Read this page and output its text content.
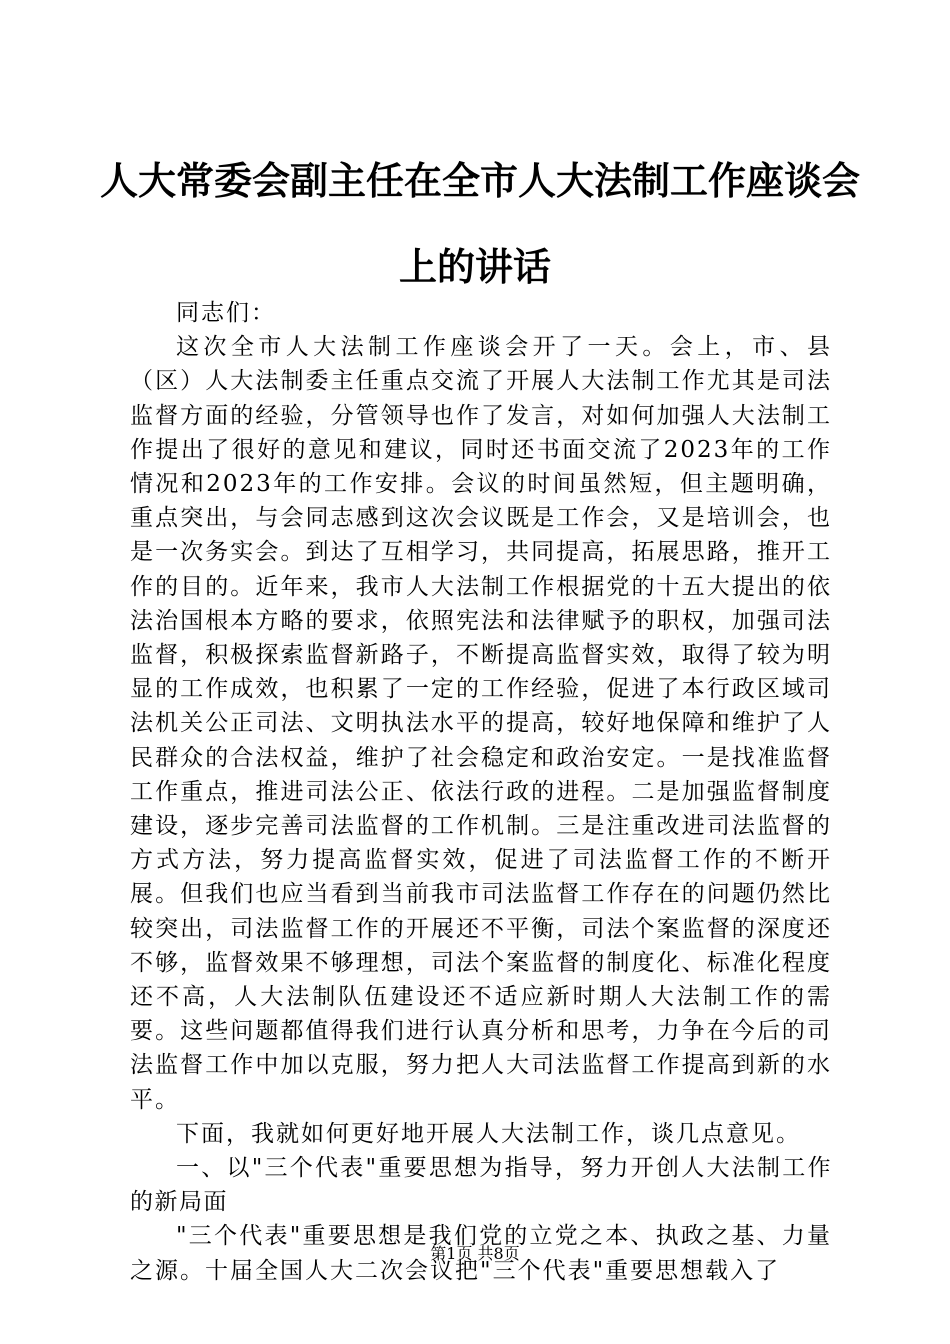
人大常委会副主任在全市人大法制工作座谈会
上的讲话

同志们：

这次全市人大法制工作座谈会开了一天。会上，市、县（区）人大法制委主任重点交流了开展人大法制工作尤其是司法监督方面的经验，分管领导也作了发言，对如何加强人大法制工作提出了很好的意见和建议，同时还书面交流了2023年的工作情况和2023年的工作安排。会议的时间虽然短，但主题明确，重点突出，与会同志感到这次会议既是工作会，又是培训会，也是一次务实会。到达了互相学习，共同提高，拓展思路，推开工作的目的。近年来，我市人大法制工作根据党的十五大提出的依法治国根本方略的要求，依照宪法和法律赋予的职权，加强司法监督，积极探索监督新路子，不断提高监督实效，取得了较为明显的工作成效，也积累了一定的工作经验，促进了本行政区域司法机关公正司法、文明执法水平的提高，较好地保障和维护了人民群众的合法权益，维护了社会稳定和政治安定。一是找准监督工作重点，推进司法公正、依法行政的进程。二是加强监督制度建设，逐步完善司法监督的工作机制。三是注重改进司法监督的方式方法，努力提高监督实效，促进了司法监督工作的不断开展。但我们也应当看到当前我市司法监督工作存在的问题仍然比较突出，司法监督工作的开展还不平衡，司法个案监督的深度还不够，监督效果不够理想，司法个案监督的制度化、标准化程度还不高，人大法制队伍建设还不适应新时期人大法制工作的需要。这些问题都值得我们进行认真分析和思考，力争在今后的司法监督工作中加以克服，努力把人大司法监督工作提高到新的水平。

下面，我就如何更好地开展人大法制工作，谈几点意见。

一、以"三个代表"重要思想为指导，努力开创人大法制工作的新局面

"三个代表"重要思想是我们党的立党之本、执政之基、力量之源。十届全国人大二次会议把"三个代表"重要思想载入了

第1页 共8页
